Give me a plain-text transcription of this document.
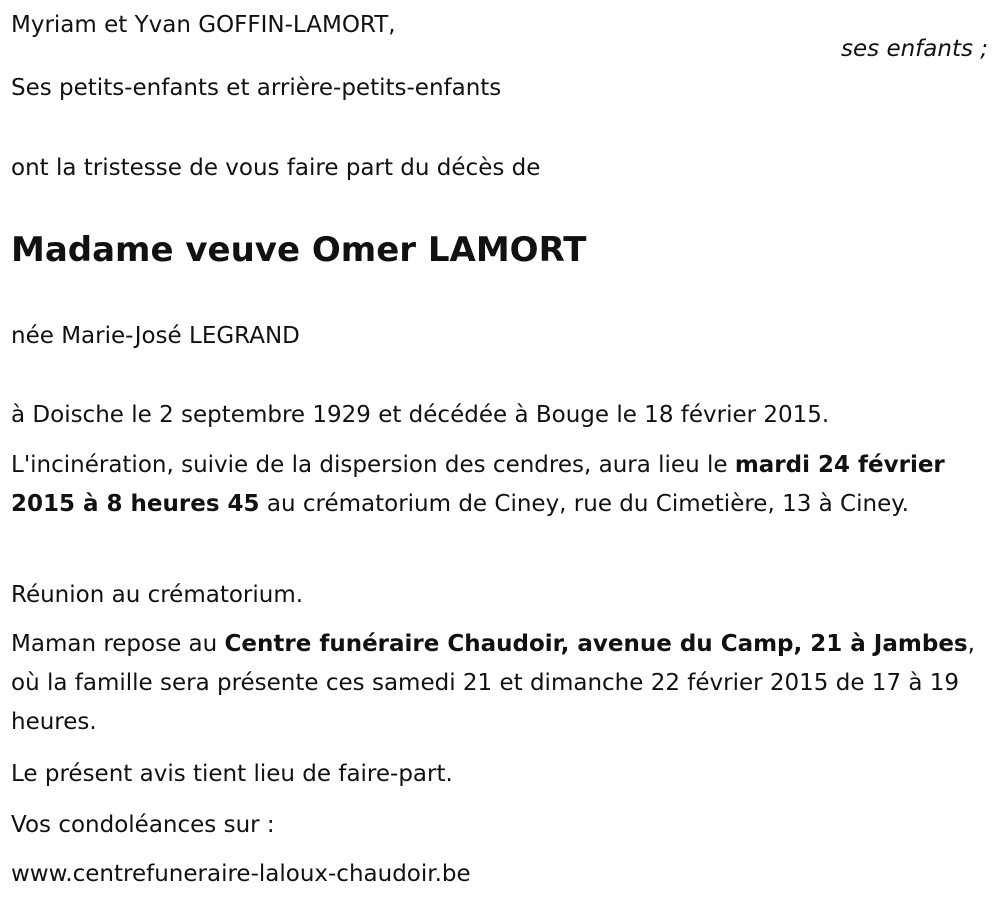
Myriam et Yvan GOFFIN-LAMORT,

ses enfants ;

Ses petits-enfants et arrière-petits-enfants

ont la tristesse de vous faire part du décès de

Madame veuve Omer LAMORT

née Marie-José LEGRAND

à Doische le 2 septembre 1929 et décédée à Bouge le 18 février 2015.

L'incinération, suivie de la dispersion des cendres, aura lieu le mardi 24 février 2015 à 8 heures 45 au crématorium de Ciney, rue du Cimetière, 13 à Ciney.

Réunion au crématorium.

Maman repose au Centre funéraire Chaudoir, avenue du Camp, 21 à Jambes, où la famille sera présente ces samedi 21 et dimanche 22 février 2015 de 17 à 19 heures.

Le présent avis tient lieu de faire-part.

Vos condoléances sur :

www.centrefuneraire-laloux-chaudoir.be
